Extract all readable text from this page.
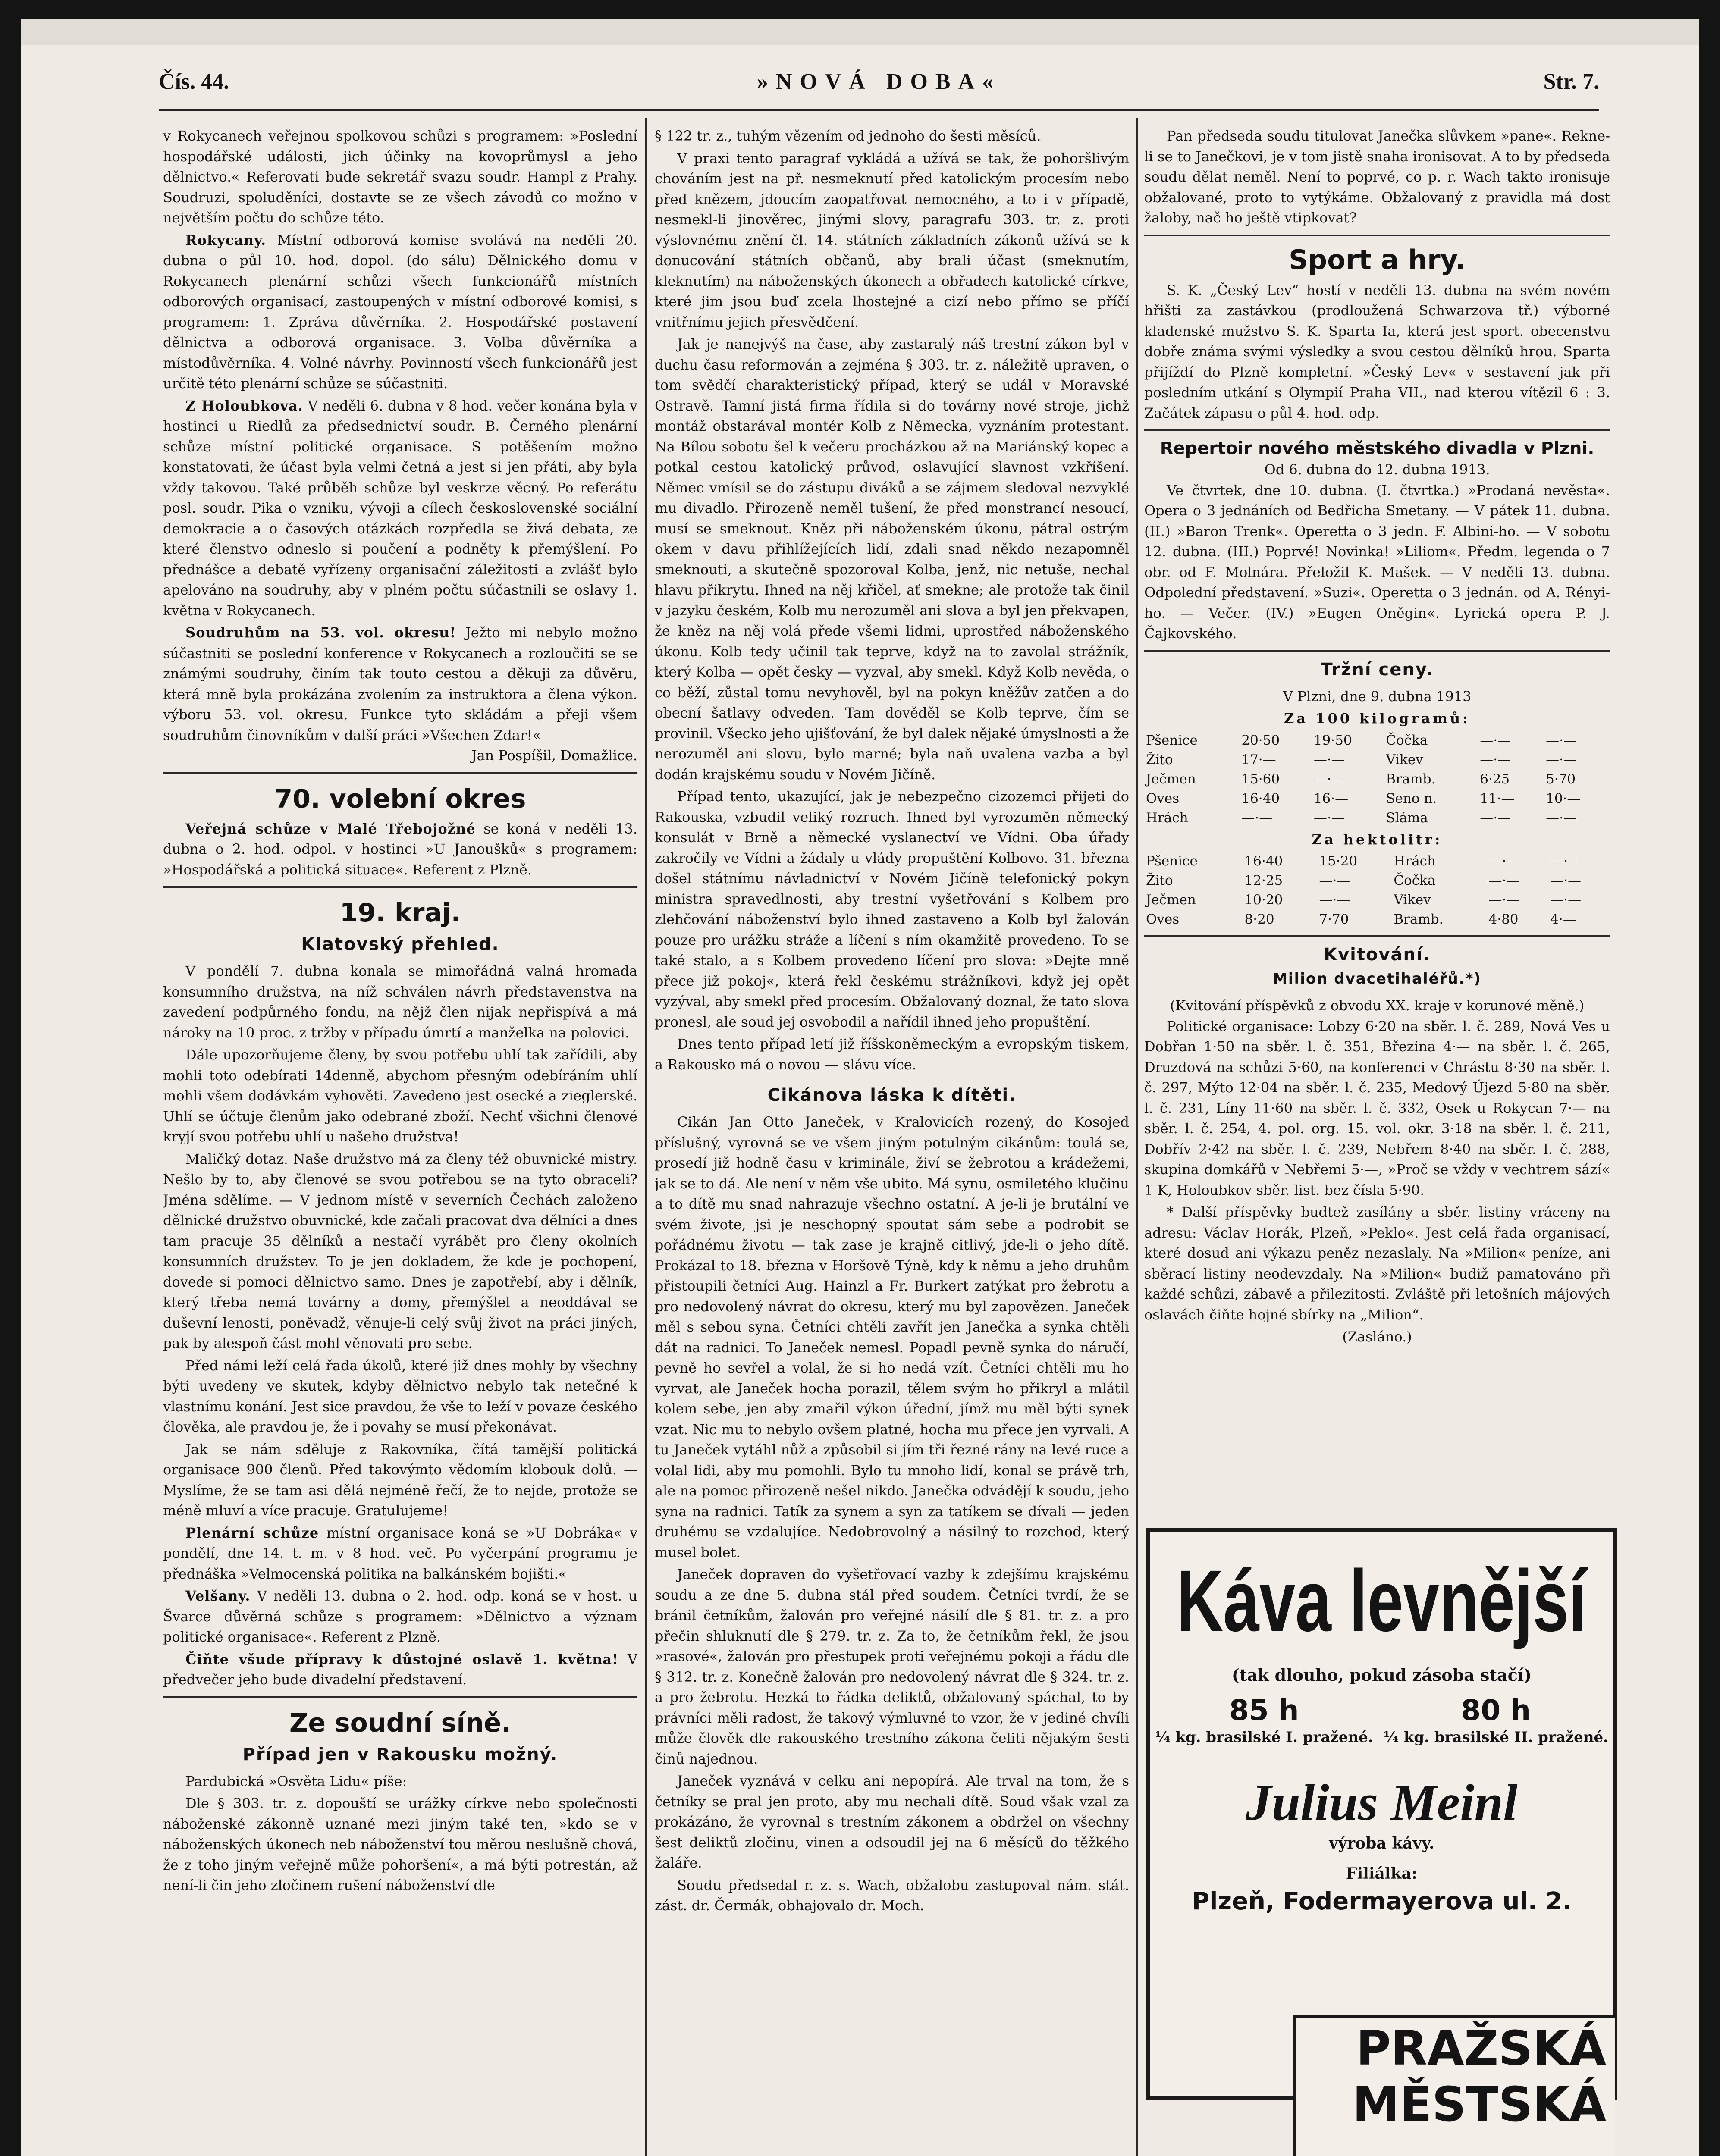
Čís. 44.	»NOVÁ DOBA«	Str. 7.

v Rokycanech veřejnou spolkovou schůzi s programem: »Poslední hospodářské události, jich účinky na kovoprůmysl a jeho dělnictvo.« Referovati bude sekretář svazu soudr. Hampl z Prahy. Soudruzi, spoluděníci, dostavte se ze všech závodů co možno v největším počtu do schůze této.

Rokycany. Místní odborová komise svolává na neděli 20. dubna o půl 10. hod. dopol. (do sálu) Dělnického domu v Rokycanech plenární schůzi všech funkcionářů místních odborových organisací, zastoupených v místní odborové komisi, s programem: 1. Zpráva důvěrníka. 2. Hospodářské postavení dělnictva a odborová organisace. 3. Volba důvěrníka a místodůvěrníka. 4. Volné návrhy. Povinností všech funkcionářů jest určitě této plenární schůze se súčastniti.

Z Holoubkova. V neděli 6. dubna v 8 hod. večer konána byla v hostinci u Riedlů za předsednictví soudr. B. Černého plenární schůze místní politické organisace. S potěšením možno konstatovati, že účast byla velmi četná a jest si jen přáti, aby byla vždy takovou. Také průběh schůze byl veskrze věcný. Po referátu posl. soudr. Pika o vzniku, vývoji a cílech československé sociální demokracie a o časových otázkách rozpředla se živá debata, ze které členstvo odneslo si poučení a podněty k přemýšlení. Po přednášce a debatě vyřízeny organisační záležitosti a zvlášť bylo apelováno na soudruhy, aby v plném počtu súčastnili se oslavy 1. května v Rokycanech.

Soudruhům na 53. vol. okresu! Ježto mi nebylo možno súčastniti se poslední konference v Rokycanech a rozloučiti se se známými soudruhy, činím tak touto cestou a děkuji za důvěru, která mně byla prokázána zvolením za instruktora a člena výkon. výboru 53. vol. okresu. Funkce tyto skládám a přeji všem soudruhům činovníkům v další práci »Všechen Zdar!«
Jan Pospíšil, Domažlice.

70. volební okres

Veřejná schůze v Malé Třebojožné se koná v neděli 13. dubna o 2. hod. odpol. v hostinci »U Janoušků« s programem: »Hospodářská a politická situace«. Referent z Plzně.

19. kraj.
Klatovský přehled.

V pondělí 7. dubna konala se mimořádná valná hromada konsumního družstva, na níž schválen návrh představenstva na zavedení podpůrného fondu, na nějž člen nijak nepřispívá a má nároky na 10 proc. z tržby v případu úmrtí a manželka na polovici.

Dále upozorňujeme členy, by svou potřebu uhlí tak zařídili, aby mohli toto odebírati 14denně, abychom přesným odebíráním uhlí mohli všem dodávkám vyhověti. Zavedeno jest osecké a zieglerské. Uhlí se účtuje členům jako odebrané zboží. Nechť všichni členové kryjí svou potřebu uhlí u našeho družstva!

Maličký dotaz. Naše družstvo má za členy též obuvnické mistry. Nešlo by to, aby členové se svou potřebou se na tyto obraceli? Jména sdělíme. — V jednom místě v severních Čechách založeno dělnické družstvo obuvnické, kde začali pracovat dva dělníci a dnes tam pracuje 35 dělníků a nestačí vyrábět pro členy okolních konsumních družstev. To je jen dokladem, že kde je pochopení, dovede si pomoci dělnictvo samo. Dnes je zapotřebí, aby i dělník, který třeba nemá továrny a domy, přemýšlel a neoddával se duševní lenosti, poněvadž, věnuje-li celý svůj život na práci jiných, pak by alespoň část mohl věnovati pro sebe.

Před námi leží celá řada úkolů, které již dnes mohly by všechny býti uvedeny ve skutek, kdyby dělnictvo nebylo tak netečné k vlastnímu konání. Jest sice pravdou, že vše to leží v povaze českého člověka, ale pravdou je, že i povahy se musí překonávat.

Jak se nám sděluje z Rakovníka, čítá tamější politická organisace 900 členů. Před takovýmto vědomím klobouk dolů. — Myslíme, že se tam asi dělá nejméně řečí, že to nejde, protože se méně mluví a více pracuje. Gratulujeme!

Plenární schůze místní organisace koná se »U Dobráka« v pondělí, dne 14. t. m. v 8 hod. več. Po vyčerpání programu je přednáška »Velmocenská politika na balkánském bojišti.«

Velšany. V neděli 13. dubna o 2. hod. odp. koná se v host. u Švarce důvěrná schůze s programem: »Dělnictvo a význam politické organisace«. Referent z Plzně.

Čiňte všude přípravy k důstojné oslavě 1. května! V předvečer jeho bude divadelní představení.

Ze soudní síně.
Případ jen v Rakousku možný.

Pardubická »Osvěta Lidu« píše:

Dle § 303. tr. z. dopouští se urážky církve nebo společnosti náboženské zákonně uznané mezi jiným také ten, »kdo se v náboženských úkonech neb náboženství tou měrou neslušně chová, že z toho jiným veřejně může pohoršení«, a má býti potrestán, až není-li čin jeho zločinem rušení náboženství dle

§ 122 tr. z., tuhým vězením od jednoho do šesti měsíců.

V praxi tento paragraf vykládá a užívá se tak, že pohoršlivým chováním jest na př. nesmeknutí před katolickým procesím nebo před knězem, jdoucím zaopatřovat nemocného, a to i v případě, nesmekl-li jinověrec, jinými slovy, paragrafu 303. tr. z. proti výslovnému znění čl. 14. státních základních zákonů užívá se k donucování státních občanů, aby brali účast (smeknutím, kleknutím) na náboženských úkonech a obřadech katolické církve, které jim jsou buď zcela lhostejné a cizí nebo přímo se příčí vnitřnímu jejich přesvědčení.

Jak je nanejvýš na čase, aby zastaralý náš trestní zákon byl v duchu času reformován a zejména § 303. tr. z. náležitě upraven, o tom svědčí charakteristický případ, který se udál v Moravské Ostravě. Tamní jistá firma řídila si do továrny nové stroje, jichž montáž obstarával montér Kolb z Německa, vyznáním protestant. Na Bílou sobotu šel k večeru procházkou až na Mariánský kopec a potkal cestou katolický průvod, oslavující slavnost vzkříšení. Němec vmísil se do zástupu diváků a se zájmem sledoval nezvyklé mu divadlo. Přirozeně neměl tušení, že před monstrancí nesoucí, musí se smeknout. Kněz při náboženském úkonu, pátral ostrým okem v davu přihlížejících lidí, zdali snad někdo nezapomněl smeknouti, a skutečně spozoroval Kolba, jenž, nic netuše, nechal hlavu přikrytu. Ihned na něj křičel, ať smekne; ale protože tak činil v jazyku českém, Kolb mu nerozuměl ani slova a byl jen překvapen, že kněz na něj volá přede všemi lidmi, uprostřed náboženského úkonu. Kolb tedy učinil tak teprve, když na to zavolal strážník, který Kolba — opět česky — vyzval, aby smekl. Když Kolb nevěda, o co běží, zůstal tomu nevyhověl, byl na pokyn kněžův zatčen a do obecní šatlavy odveden. Tam dověděl se Kolb teprve, čím se provinil. Všecko jeho ujišťování, že byl dalek nějaké úmyslnosti a že nerozuměl ani slovu, bylo marné; byla naň uvalena vazba a byl dodán krajskému soudu v Novém Jičíně.

Případ tento, ukazující, jak je nebezpečno cizozemci přijeti do Rakouska, vzbudil veliký rozruch. Ihned byl vyrozuměn německý konsulát v Brně a německé vyslanectví ve Vídni. Oba úřady zakročily ve Vídni a žádaly u vlády propuštění Kolbovo. 31. března došel státnímu návladnictví v Novém Jičíně telefonický pokyn ministra spravedlnosti, aby trestní vyšetřování s Kolbem pro zlehčování náboženství bylo ihned zastaveno a Kolb byl žalován pouze pro urážku stráže a líčení s ním okamžitě provedeno. To se také stalo, a s Kolbem provedeno líčení pro slova: »Dejte mně přece již pokoj«, která řekl českému strážníkovi, když jej opět vyzýval, aby smekl před procesím. Obžalovaný doznal, že tato slova pronesl, ale soud jej osvobodil a nařídil ihned jeho propuštění.

Dnes tento případ letí již říšskoněmeckým a evropským tiskem, a Rakousko má o novou — slávu více.

Cikánova láska k dítěti.

Cikán Jan Otto Janeček, v Kralovicích rozený, do Kosojed příslušný, vyrovná se ve všem jiným potulným cikánům: toulá se, prosedí již hodně času v kriminále, živí se žebrotou a krádežemi, jak se to dá. Ale není v něm vše ubito. Má synu, osmiletého klučinu a to dítě mu snad nahrazuje všechno ostatní. A je-li je brutální ve svém živote, jsi je neschopný spoutat sám sebe a podrobit se pořádnému životu — tak zase je krajně citlivý, jde-li o jeho dítě. Prokázal to 18. března v Horšově Týně, kdy k němu a jeho druhům přistoupili četníci Aug. Hainzl a Fr. Burkert zatýkat pro žebrotu a pro nedovolený návrat do okresu, který mu byl zapovězen. Janeček měl s sebou syna. Četníci chtěli zavřít jen Janečka a synka chtěli dát na radnici. To Janeček nemesl. Popadl pevně synka do náručí, pevně ho sevřel a volal, že si ho nedá vzít. Četníci chtěli mu ho vyrvat, ale Janeček hocha porazil, tělem svým ho přikryl a mlátil kolem sebe, jen aby zmařil výkon úřední, jímž mu měl býti synek vzat. Nic mu to nebylo ovšem platné, hocha mu přece jen vyrvali. A tu Janeček vytáhl nůž a způsobil si jím tři řezné rány na levé ruce a volal lidi, aby mu pomohli. Bylo tu mnoho lidí, konal se právě trh, ale na pomoc přirozeně nešel nikdo. Janečka odvádějí k soudu, jeho syna na radnici. Tatík za synem a syn za tatíkem se dívali — jeden druhému se vzdalujíce. Nedobrovolný a násilný to rozchod, který musel bolet.

Janeček dopraven do vyšetřovací vazby k zdejšímu krajskému soudu a ze dne 5. dubna stál před soudem. Četníci tvrdí, že se bránil četníkům, žalován pro veřejné násilí dle § 81. tr. z. a pro přečin shluknutí dle § 279. tr. z. Za to, že četníkům řekl, že jsou »rasové«, žalován pro přestupek proti veřejnému pokoji a řádu dle § 312. tr. z. Konečně žalován pro nedovolený návrat dle § 324. tr. z. a pro žebrotu. Hezká to řádka deliktů, obžalovaný spáchal, to by právníci měli radost, že takový výmluvné to vzor, že v jediné chvíli může člověk dle rakouského trestního zákona čeliti nějakým šesti činů najednou.

Janeček vyznává v celku ani nepopírá. Ale trval na tom, že s četníky se pral jen proto, aby mu nechali dítě. Soud však vzal za prokázáno, že vyrovnal s trestním zákonem a obdržel on všechny šest deliktů zločinu, vinen a odsoudil jej na 6 měsíců do těžkého žaláře.

Soudu předsedal r. z. s. Wach, obžalobu zastupoval nám. stát. zást. dr. Čermák, obhajovalo dr. Moch.

Pan předseda soudu titulovat Janečka slůvkem »pane«. Rekne-li se to Janečkovi, je v tom jistě snaha ironisovat. A to by předseda soudu dělat neměl. Není to poprvé, co p. r. Wach takto ironisuje obžalované, proto to vytýkáme. Obžalovaný z pravidla má dost žaloby, nač ho ještě vtipkovat?

Sport a hry.

S. K. „Český Lev“ hostí v neděli 13. dubna na svém novém hřišti za zastávkou (prodloužená Schwarzova tř.) výborné kladenské mužstvo S. K. Sparta Ia, která jest sport. obecenstvu dobře známa svými výsledky a svou cestou dělníků hrou. Sparta přijíždí do Plzně kompletní. »Český Lev« v sestavení jak při posledním utkání s Olympií Praha VII., nad kterou vítězil 6 : 3. Začátek zápasu o půl 4. hod. odp.

Repertoir nového městského divadla v Plzni.
Od 6. dubna do 12. dubna 1913.

Ve čtvrtek, dne 10. dubna. (I. čtvrtka.) »Prodaná nevěsta«. Opera o 3 jednáních od Bedřicha Smetany. — V pátek 11. dubna. (II.) »Baron Trenk«. Operetta o 3 jedn. F. Albini-ho. — V sobotu 12. dubna. (III.) Poprvé! Novinka! »Liliom«. Předm. legenda o 7 obr. od F. Molnára. Přeložil K. Mašek. — V neděli 13. dubna. Odpolední představení. »Suzi«. Operetta o 3 jednán. od A. Rényi-ho. — Večer. (IV.) »Eugen Oněgin«. Lyrická opera P. J. Čajkovského.

Tržní ceny.
V Plzni, dne 9. dubna 1913
Za 100 kilogramů:
Pšenice	20·50	19·50	Čočka	—·—	—·—
Žito	17·—	—·—	Vikev	—·—	—·—
Ječmen	15·60	—·—	Bramb.	6·25	5·70
Oves	16·40	16·—	Seno n.	11·—	10·—
Hrách	—·—	—·—	Sláma	—·—	—·—
Za hektolitr:
Pšenice	16·40	15·20	Hrách	—·—	—·—
Žito	12·25	—·—	Čočka	—·—	—·—
Ječmen	10·20	—·—	Vikev	—·—	—·—
Oves	8·20	7·70	Bramb.	4·80	4·—
Kvitování.
Milion dvacetihaléřů.*)
(Kvitování příspěvků z obvodu XX. kraje v korunové měně.)

Politické organisace: Lobzy 6·20 na sběr. l. č. 289, Nová Ves u Dobřan 1·50 na sběr. l. č. 351, Březina 4·— na sběr. l. č. 265, Druzdová na schůzi 5·60, na konferenci v Chrástu 8·30 na sběr. l. č. 297, Mýto 12·04 na sběr. l. č. 235, Medový Újezd 5·80 na sběr. l. č. 231, Líny 11·60 na sběr. l. č. 332, Osek u Rokycan 7·— na sběr. l. č. 254, 4. pol. org. 15. vol. okr. 3·18 na sběr. l. č. 211, Dobřív 2·42 na sběr. l. č. 239, Nebřem 8·40 na sběr. l. č. 288, skupina domkářů v Nebřemi 5·—, »Proč se vždy v vechtrem sází« 1 K, Holoubkov sběr. list. bez čísla 5·90.

* Další příspěvky budtež zasílány a sběr. listiny vráceny na adresu: Václav Horák, Plzeň, »Peklo«. Jest celá řada organisací, které dosud ani výkazu peněz nezaslaly. Na »Milion« peníze, ani sběrací listiny neodevzdaly. Na »Milion« budiž pamatováno při každé schůzi, zábavě a přilezitosti. Zvláště při letošních májových oslavách čiňte hojné sbírky na „Milion“.

(Zasláno.)
Káva levnější
(tak dlouho, pokud zásoba stačí)
85 h
¼ kg. brasilské I. pražené.
80 h
¼ kg. brasilské II. pražené.
Julius Meinl
výroba kávy.
Filiálka:
Plzeň, Fodermayerova ul. 2.
PRAŽSKÁ
MĚSTSKÁ
